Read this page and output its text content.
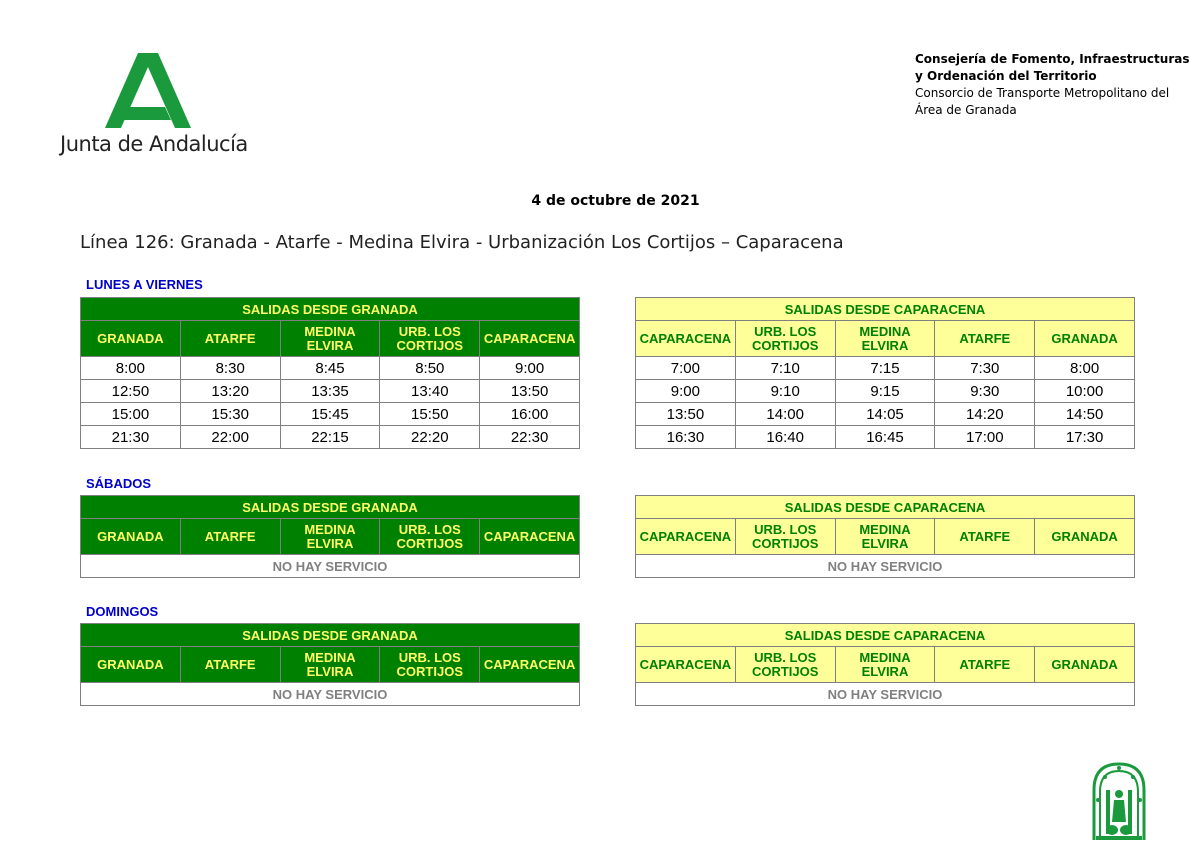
Junta de Andalucía
Consejería de Fomento, Infraestructuras
y Ordenación del Territorio
Consorcio de Transporte Metropolitano del
Área de Granada
4 de octubre de 2021
Línea 126: Granada - Atarfe - Medina Elvira - Urbanización Los Cortijos – Caparacena
LUNES A VIERNES
SALIDAS DESDE GRANADA				
GRANADA	ATARFE	MEDINA ELVIRA	URB. LOS CORTIJOS	CAPARACENA
8:00	8:30	8:45	8:50	9:00
12:50	13:20	13:35	13:40	13:50
15:00	15:30	15:45	15:50	16:00
21:30	22:00	22:15	22:20	22:30
SALIDAS DESDE CAPARACENA				
CAPARACENA	URB. LOS CORTIJOS	MEDINA ELVIRA	ATARFE	GRANADA
7:00	7:10	7:15	7:30	8:00
9:00	9:10	9:15	9:30	10:00
13:50	14:00	14:05	14:20	14:50
16:30	16:40	16:45	17:00	17:30
SÁBADOS
SALIDAS DESDE GRANADA
GRANADA	ATARFE	MEDINA ELVIRA	URB. LOS CORTIJOS	CAPARACENA
NO HAY SERVICIO
SALIDAS DESDE CAPARACENA
CAPARACENA	URB. LOS CORTIJOS	MEDINA ELVIRA	ATARFE	GRANADA
NO HAY SERVICIO
DOMINGOS
SALIDAS DESDE GRANADA
GRANADA	ATARFE	MEDINA ELVIRA	URB. LOS CORTIJOS	CAPARACENA
NO HAY SERVICIO
SALIDAS DESDE CAPARACENA
CAPARACENA	URB. LOS CORTIJOS	MEDINA ELVIRA	ATARFE	GRANADA
NO HAY SERVICIO
